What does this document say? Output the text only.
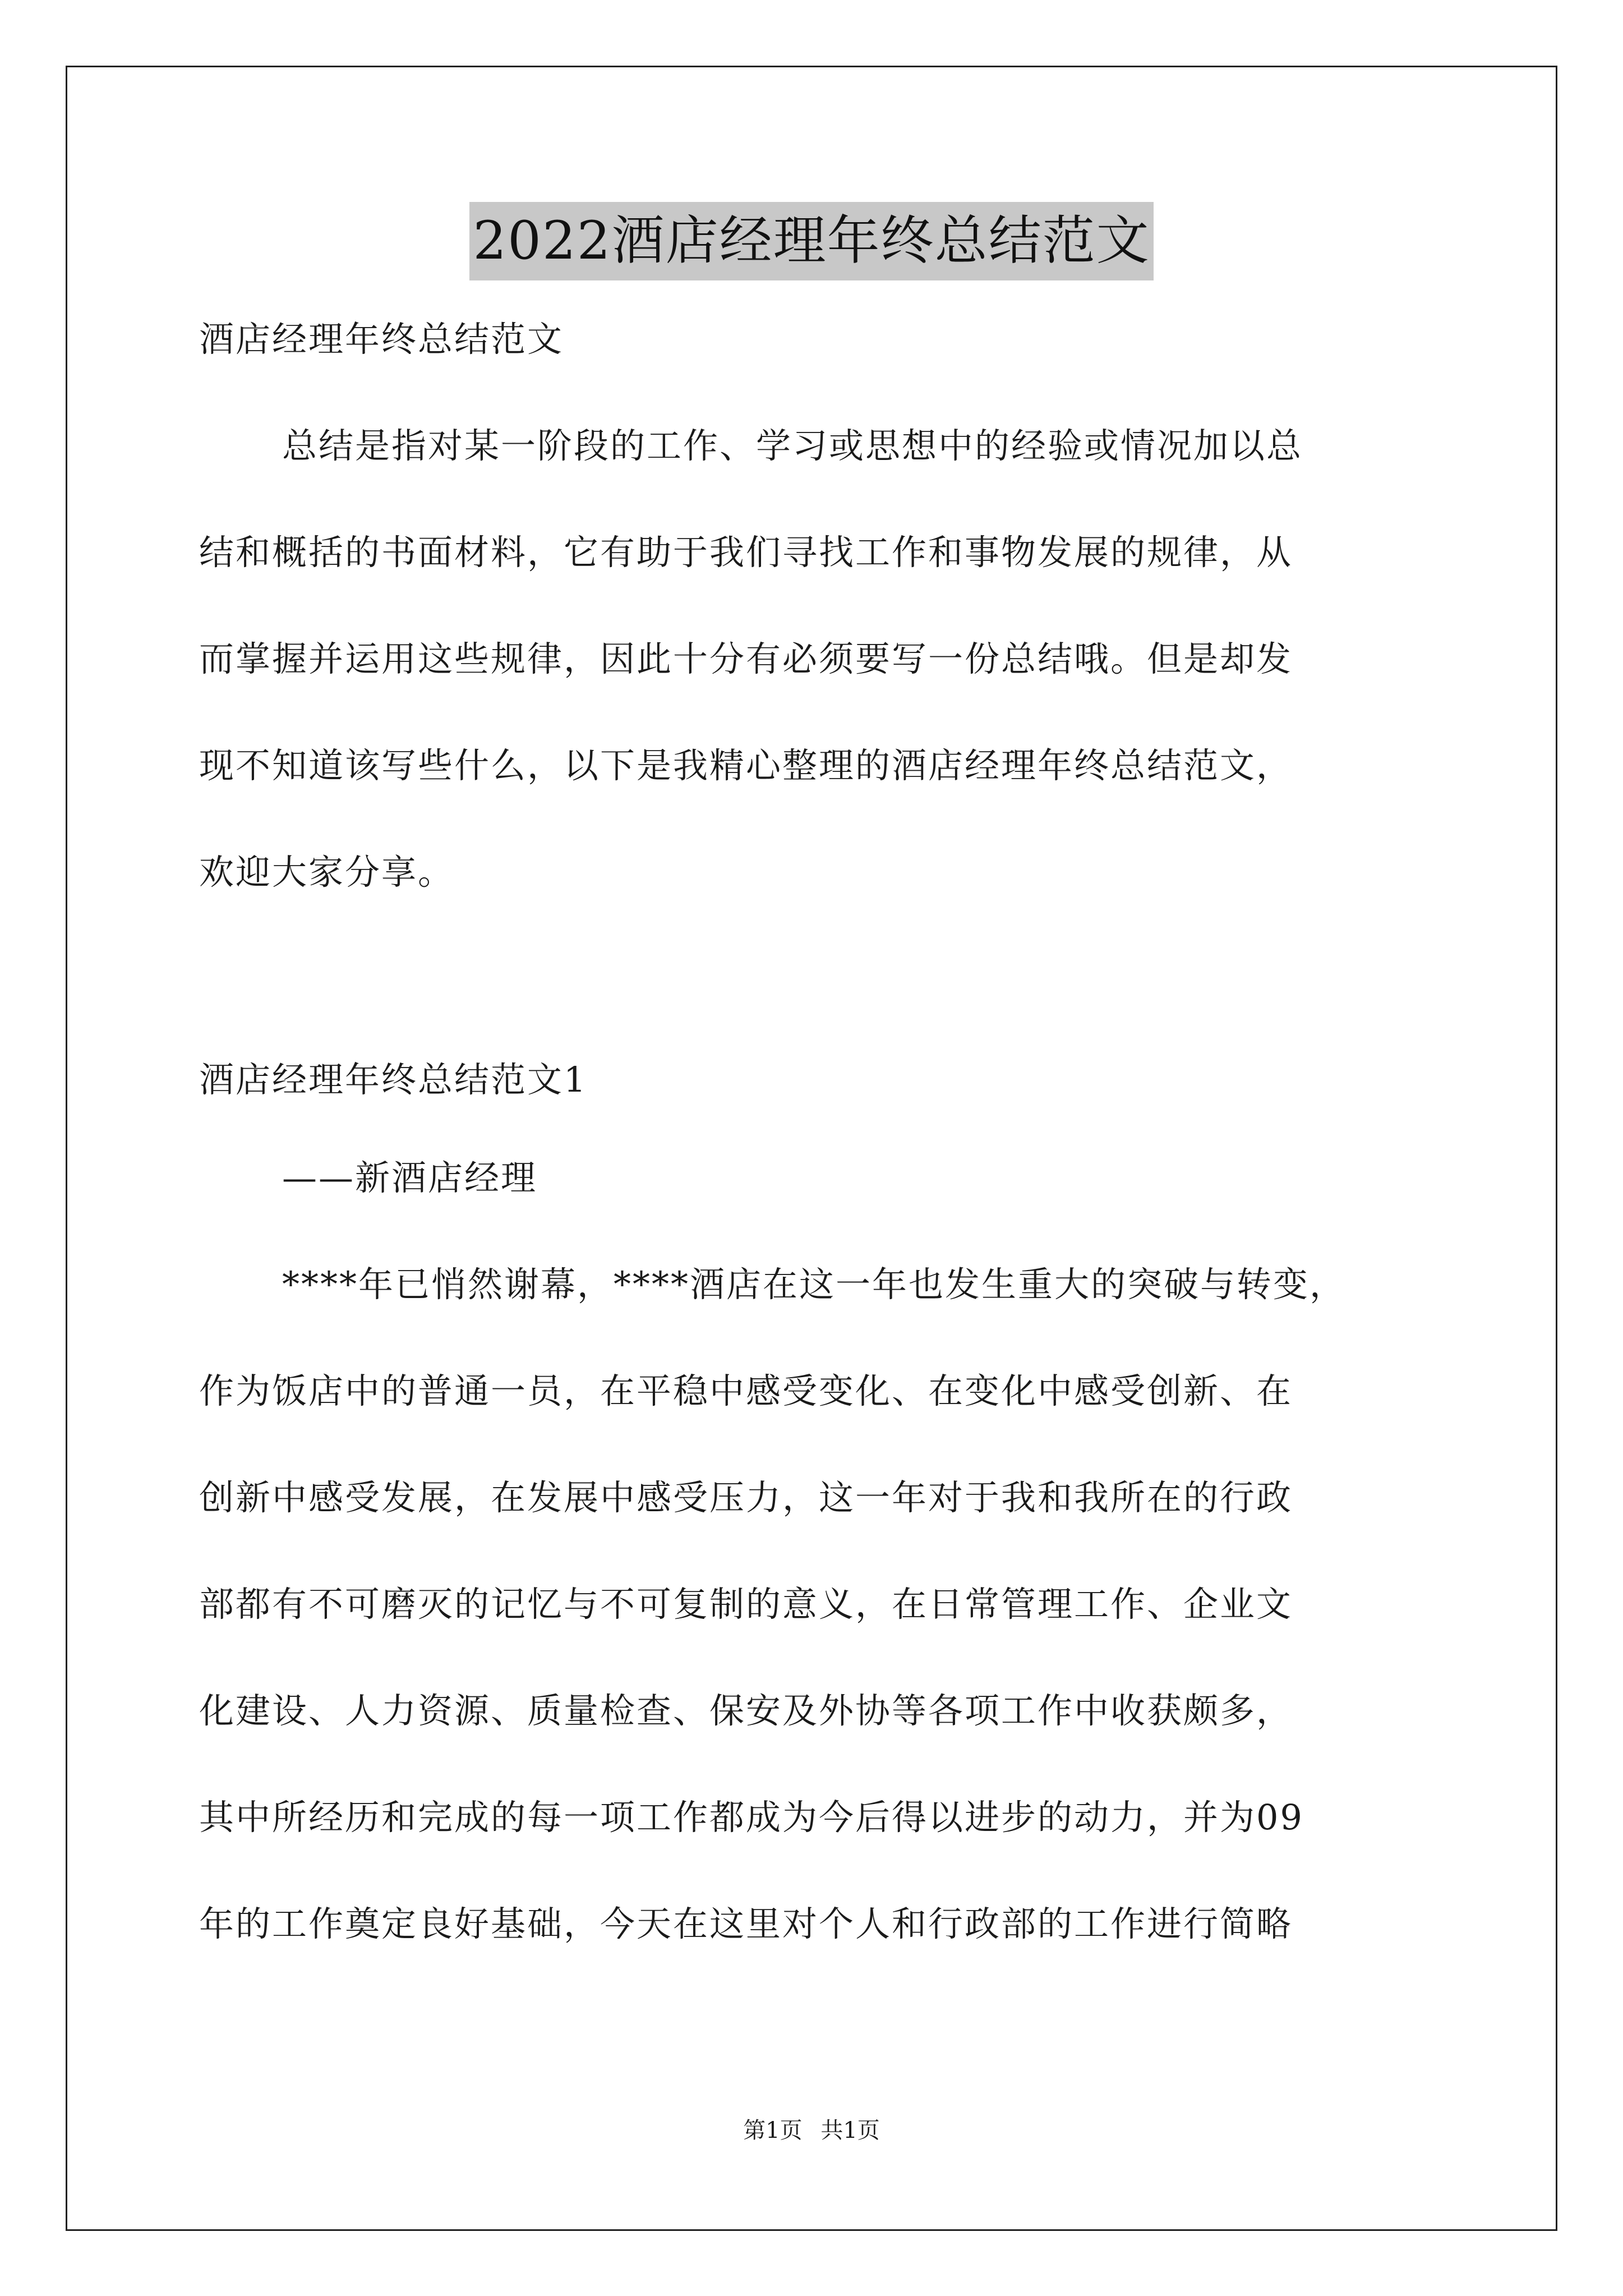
2022酒店经理年终总结范文
酒店经理年终总结范文
总结是指对某一阶段的工作、学习或思想中的经验或情况加以总
结和概括的书面材料，它有助于我们寻找工作和事物发展的规律，从
而掌握并运用这些规律，因此十分有必须要写一份总结哦。但是却发
现不知道该写些什么，以下是我精心整理的酒店经理年终总结范文，
欢迎大家分享。
酒店经理年终总结范文1
——新酒店经理
****年已悄然谢幕，****酒店在这一年也发生重大的突破与转变，
作为饭店中的普通一员，在平稳中感受变化、在变化中感受创新、在
创新中感受发展，在发展中感受压力，这一年对于我和我所在的行政
部都有不可磨灭的记忆与不可复制的意义，在日常管理工作、企业文
化建设、人力资源、质量检查、保安及外协等各项工作中收获颇多，
其中所经历和完成的每一项工作都成为今后得以进步的动力，并为09
年的工作奠定良好基础，今天在这里对个人和行政部的工作进行简略
第1页 共1页
